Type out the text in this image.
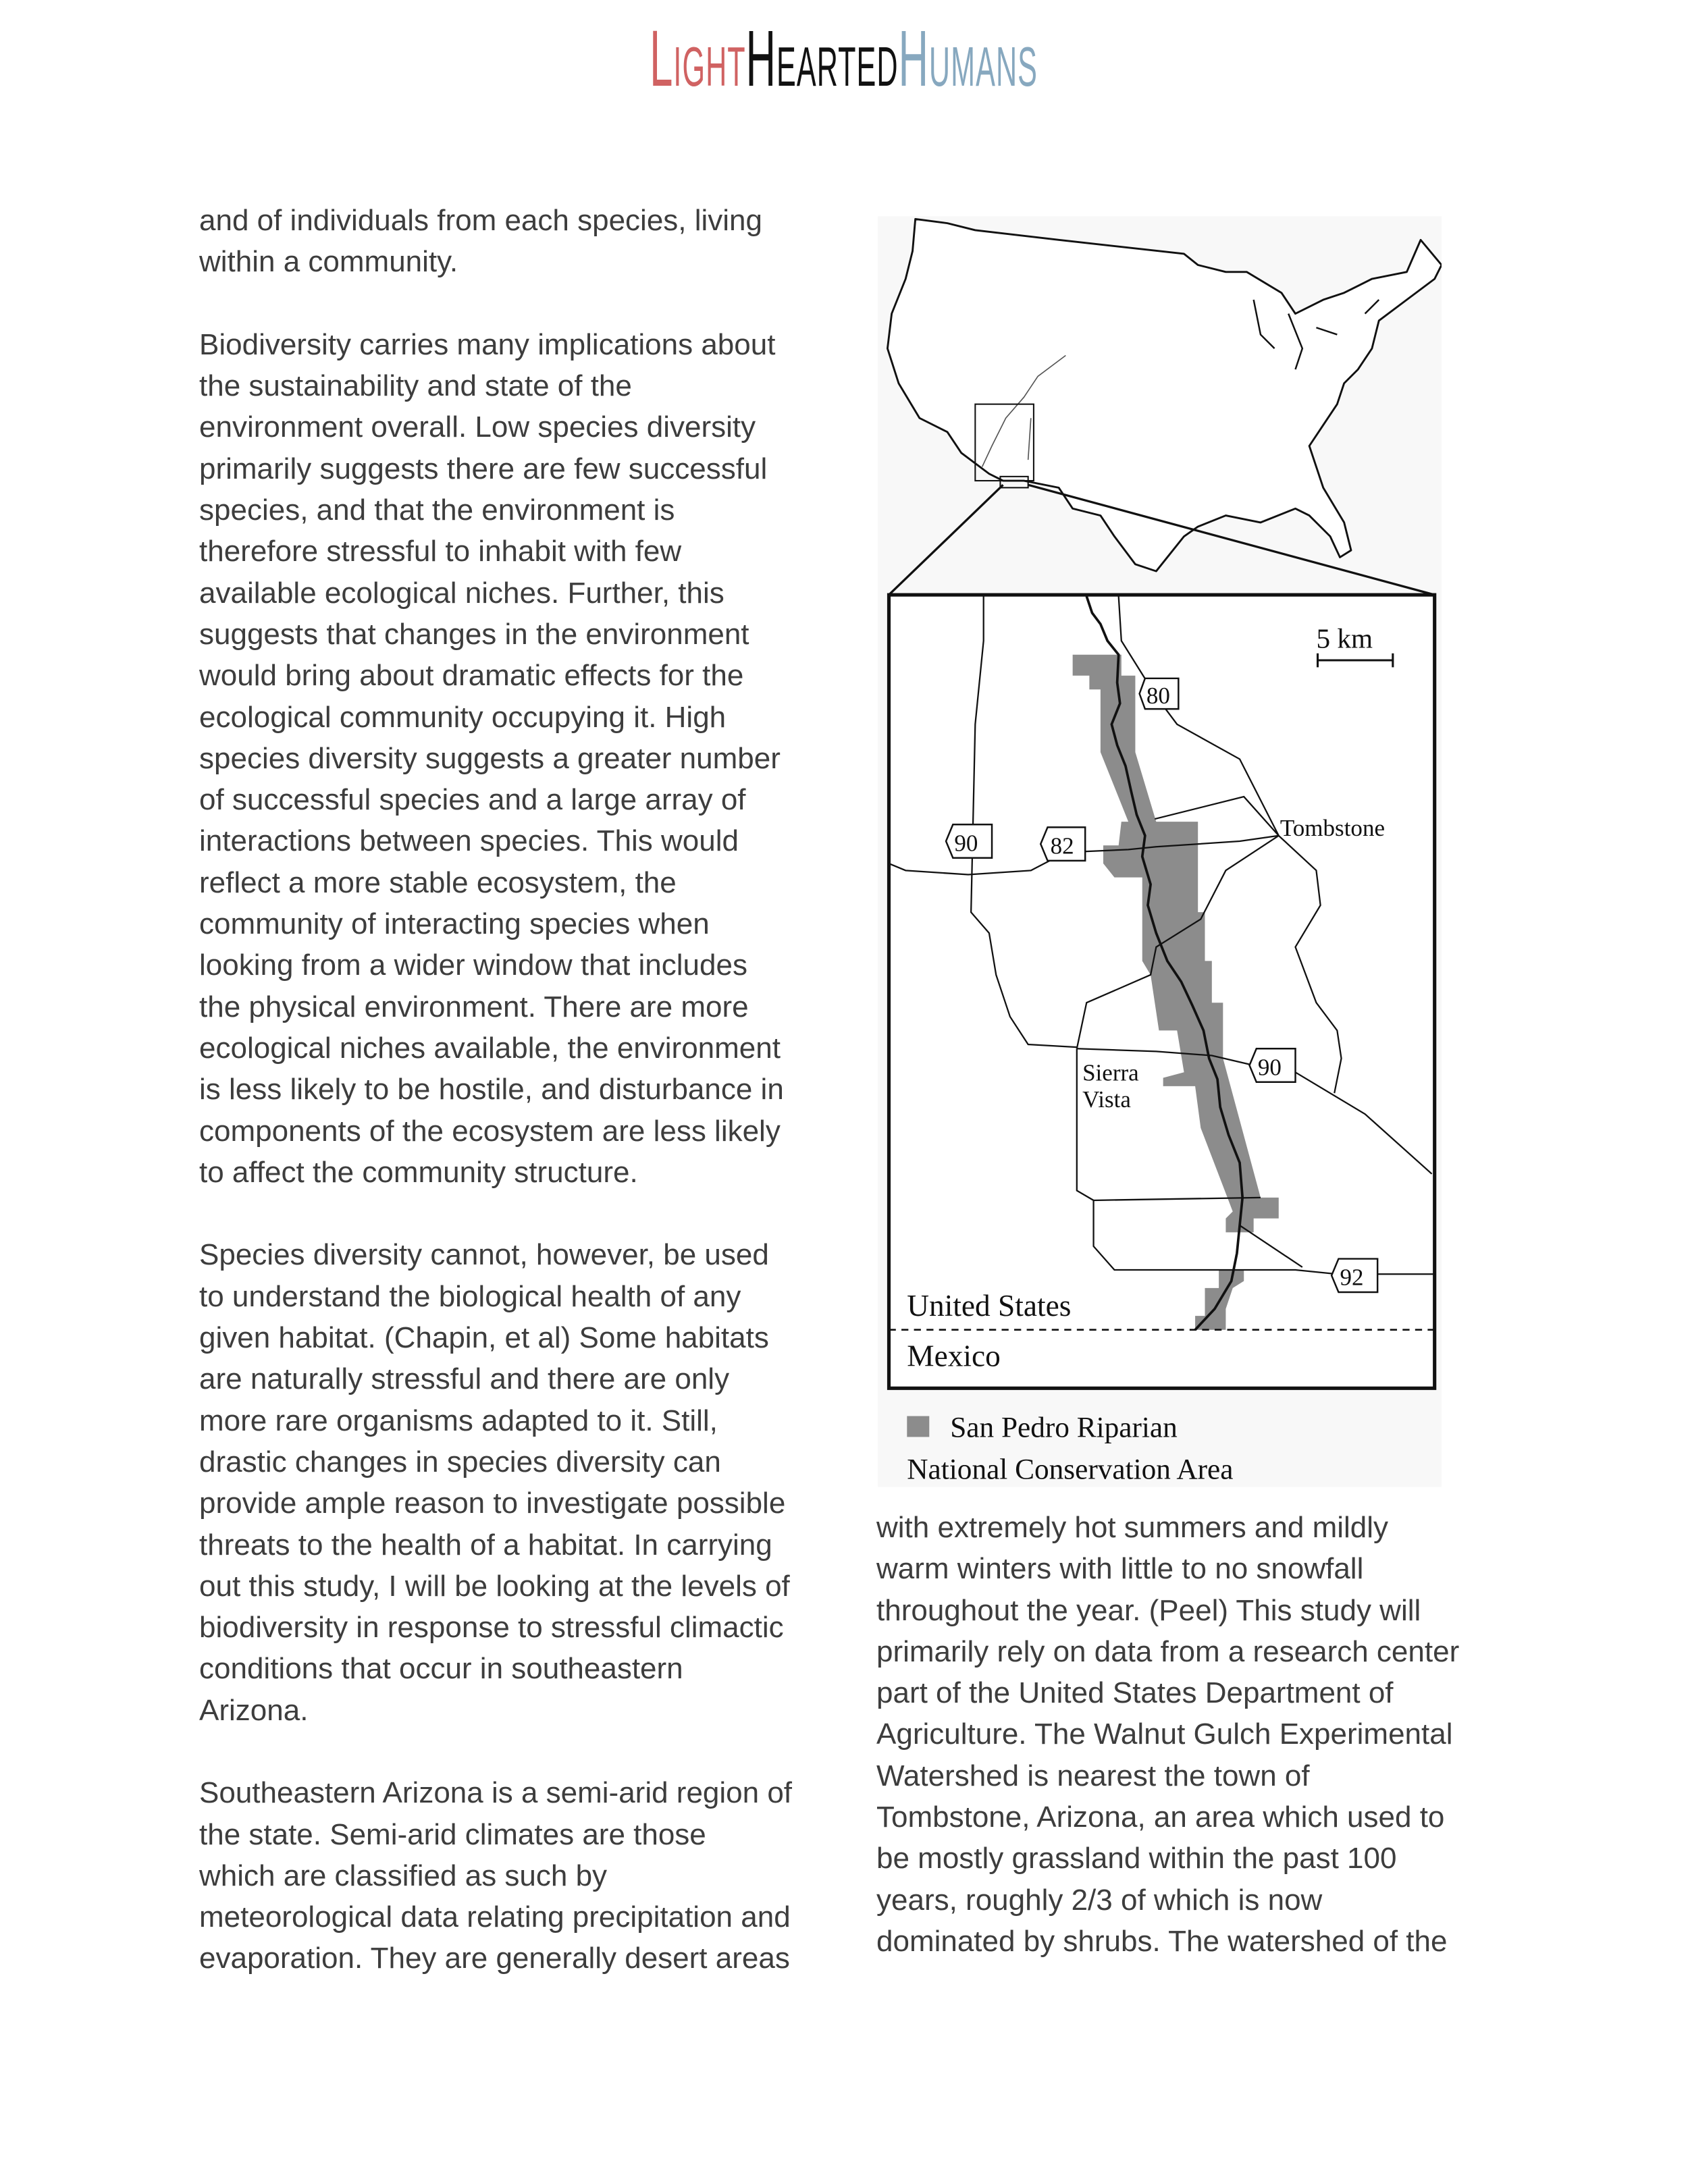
LightHeartedHumans
and of individuals from each species, living
within a community.
Biodiversity carries many implications about
the sustainability and state of the
environment overall. Low species diversity
primarily suggests there are few successful
species, and that the environment is
therefore stressful to inhabit with few
available ecological niches. Further, this
suggests that changes in the environment
would bring about dramatic effects for the
ecological community occupying it. High
species diversity suggests a greater number
of successful species and a large array of
interactions between species. This would
reflect a more stable ecosystem, the
community of interacting species when
looking from a wider window that includes
the physical environment. There are more
ecological niches available, the environment
is less likely to be hostile, and disturbance in
components of the ecosystem are less likely
to affect the community structure.
Species diversity cannot, however, be used
to understand the biological health of any
given habitat. (Chapin, et al) Some habitats
are naturally stressful and there are only
more rare organisms adapted to it. Still,
drastic changes in species diversity can
provide ample reason to investigate possible
threats to the health of a habitat. In carrying
out this study, I will be looking at the levels of
biodiversity in response to stressful climactic
conditions that occur in southeastern
Arizona.
Southeastern Arizona is a semi-arid region of
the state. Semi-arid climates are those
which are classified as such by
meteorological data relating precipitation and
evaporation. They are generally desert areas
with extremely hot summers and mildly
warm winters with little to no snowfall
throughout the year. (Peel) This study will
primarily rely on data from a research center
part of the United States Department of
Agriculture. The Walnut Gulch Experimental
Watershed is nearest the town of
Tombstone, Arizona, an area which used to
be mostly grassland within the past 100
years, roughly 2/3 of which is now
dominated by shrubs. The watershed of the
5 km
80
90	82
90
92
Tombstone
Sierra
Vista
United States
Mexico
San Pedro Riparian
National Conservation Area
